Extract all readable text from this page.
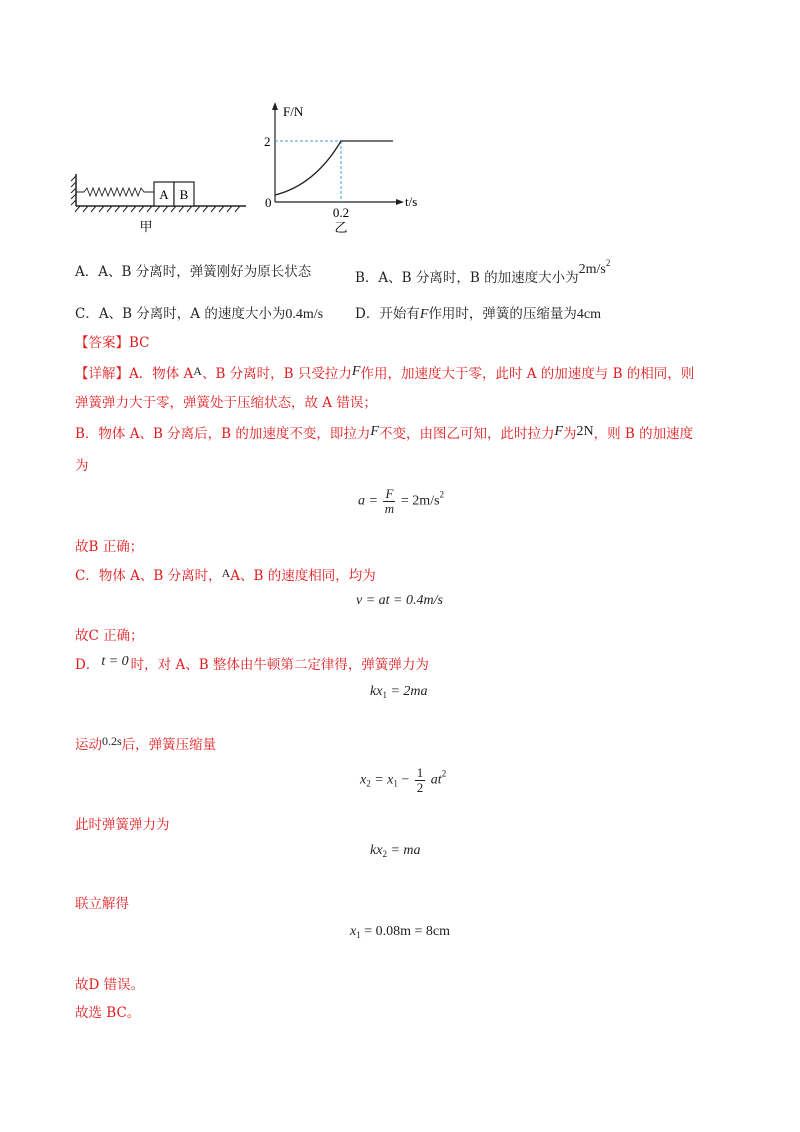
A B
甲
F/N
t/s
0
2
0.2
乙
A．A、B 分离时，弹簧刚好为原长状态	B．A、B 分离时，B 的加速度大小为$2m/s^2$
C．A、B 分离时，A 的速度大小为0.4m/s D．开始有F作用时，弹簧的压缩量为4cm
【答案】BC
【详解】A．物体 AA、B 分离时，B 只受拉力F作用，加速度大于零，此时 A 的加速度与 B 的相同，则
弹簧弹力大于零，弹簧处于压缩状态，故 A 错误；
B．物体 A、B 分离后，B 的加速度不变，即拉力F不变，由图乙可知，此时拉力F为2N，则 B 的加速度
为
$a = \frac{F}{m} = 2m/s^2$
故B 正确；
C．物体 A、B 分离时，AA、B 的速度相同，均为
v = at = 0.4m/s
故C 正确；
D． t = 0 时，对 A、B 整体由牛顿第二定律得，弹簧弹力为
$kx_1 = 2ma$
运动0.2s后，弹簧压缩量
$x_2 = x_1 - \frac{1}{2} at^2$
此时弹簧弹力为
$kx_2$ = ma
联立解得
$x_1 = 0.08m = 8cm$
故D 错误。
故选 BC。
